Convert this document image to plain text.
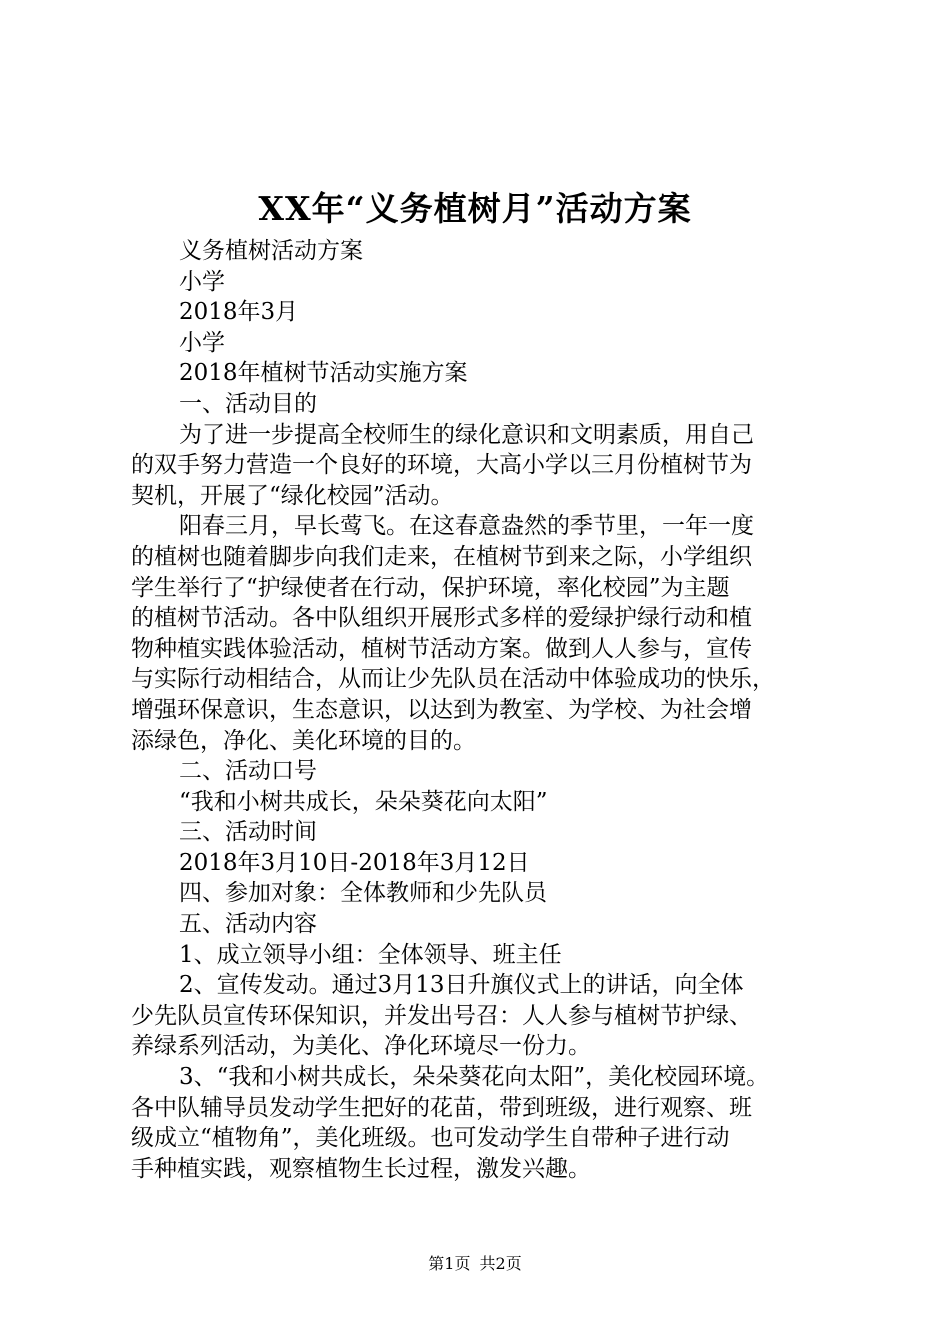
XX年“义务植树月”活动方案

义务植树活动方案

小学

2018年3月

小学

2018年植树节活动实施方案

一、活动目的

为了进一步提高全校师生的绿化意识和文明素质，用自己

的双手努力营造一个良好的环境，大高小学以三月份植树节为

契机，开展了“绿化校园”活动。

阳春三月，早长莺飞。在这春意盎然的季节里，一年一度

的植树也随着脚步向我们走来，在植树节到来之际，小学组织

学生举行了“护绿使者在行动，保护环境，率化校园”为主题

的植树节活动。各中队组织开展形式多样的爱绿护绿行动和植

物种植实践体验活动，植树节活动方案。做到人人参与，宣传

与实际行动相结合，从而让少先队员在活动中体验成功的快乐，

增强环保意识，生态意识，以达到为教室、为学校、为社会增

添绿色，净化、美化环境的目的。

二、活动口号

“我和小树共成长，朵朵葵花向太阳”

三、活动时间

2018年3月10日-2018年3月12日

四、参加对象：全体教师和少先队员

五、活动内容

1、成立领导小组：全体领导、班主任

2、宣传发动。通过3月13日升旗仪式上的讲话，向全体

少先队员宣传环保知识，并发出号召：人人参与植树节护绿、

养绿系列活动，为美化、净化环境尽一份力。

3、“我和小树共成长，朵朵葵花向太阳”，美化校园环境。

各中队辅导员发动学生把好的花苗，带到班级，进行观察、班

级成立“植物角”，美化班级。也可发动学生自带种子进行动

手种植实践，观察植物生长过程，激发兴趣。

第1页 共2页
